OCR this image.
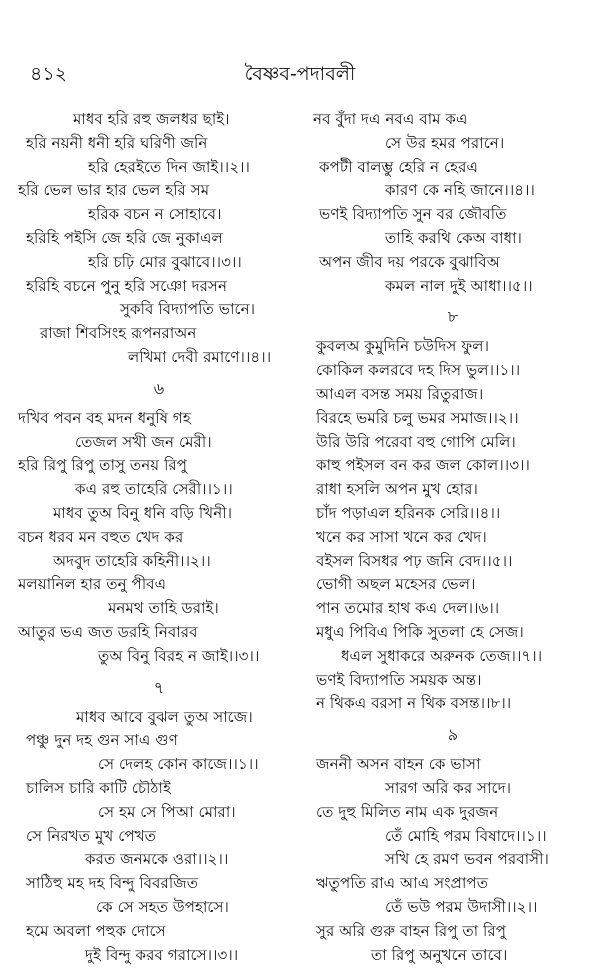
৪১২	বৈষ্ণব-পদাবলী
মাধব হরি রহু জলধর ছাই।
হরি নয়নী ধনী হরি ঘরিণী জনি
হরি হেরইতে দিন জাই।।২।।
হরি ভেল ভার হার ভেল হরি সম
হরিক বচন ন সোহাবে।
হরিহি পইসি জে হরি জে নুকাএল
হরি চঢ়ি মোর বুঝাবে।।৩।।
হরিহি বচনে পুনু হরি সঞো দরসন
সুকবি বিদ্যাপতি ভানে।
রাজা শিবসিংহ রূপনরাঅন
লখিমা দেবী রমাণে।।৪।।
৬
দখিব পবন বহ মদন ধনুষি গহ
তেজল সখী জন মেরী।
হরি রিপু রিপু তাসু তনয় রিপু
কএ রহু তাহেরি সেরী।।১।।
মাধব তুঅ বিনু ধনি বড়ি খিনী।
বচন ধরব মন বহুত খেদ কর
অদবুদ তাহেরি কহিনী।।২।।
মলয়ানিল হার তনু পীবএ
মনমথ তাহি ডরাই।
আতুর ভএ জত ডরহি নিবারব
তুঅ বিনু বিরহ ন জাই।।৩।।
৭
মাধব আবে বুঝল তুঅ সাজে।
পঞ্চু দুন দহ গুন সাএ গুণ
সে দেলহ কোন কাজে।।১।।
চালিস চারি কাটি চৌঠাই
সে হম সে পিআ মোরা।
সে নিরখত মুখ পেখত
করত জনমকে ওরা।।২।।
সাঠিহু মহ দহ বিন্দু বিবরজিত
কে সে সহত উপহাসে।
হমে অবলা পহুক দোসে
দুই বিন্দু করব গরাসে।।৩।।
নব বুঁদা দএ নবএ বাম কএ
সে উর হমর পরানে।
কপটী বালম্ভু হেরি ন হেরএ
কারণ কে নহি জানে।।৪।।
ভণই বিদ্যাপতি সুন বর জৌবতি
তাহি করথি কেঅ বাধা।
অপন জীব দয় পরকে বুঝাবিঅ
কমল নাল দুই আধা।।৫।।
৮
কুবলঅ কুমুদিনি চউদিস ফুল।
কোকিল কলরবে দহ দিস ভুল।।১।।
আএল বসন্ত সময় রিতুরাজ।
বিরহে ভমরি চলু ভমর সমাজ।।২।।
উরি উরি পরেবা বহু গোপি মেলি।
কাহু পইসল বন কর জল কোল।।৩।।
রাধা হসলি অপন মুখ হোর।
চাঁদ পড়াএল হরিনক সেরি।।৪।।
খনে কর সাসা খনে কর খেদ।
বইসল বিসধর পঢ় জনি বেদ।।৫।।
ভোগী অছল মহেসর ভেল।
পান তমোর হাথ কএ দেল।।৬।।
মধুএ পিবিএ পিকি সুতলা হে সেজ।
ধএল সুধাকরে অরুনক তেজ।।৭।।
ভণই বিদ্যাপতি সময়ক অন্ত।
ন থিকএ বরসা ন থিক বসন্ত।।৮।।
৯
জননী অসন বাহন কে ভাসা
সারগ অরি কর সাদে।
তে দুহু মিলিত নাম এক দুরজন
তেঁ মোহি পরম বিষাদে।।১।।
সখি হে রমণ ভবন পরবাসী।
ঋতুপতি রাএ আএ সংপ্রাপত
তেঁ ভউ পরম উদাসী।।২।।
সুর অরি গুরু বাহন রিপু তা রিপু
তা রিপু অনুখনে তাবে।
